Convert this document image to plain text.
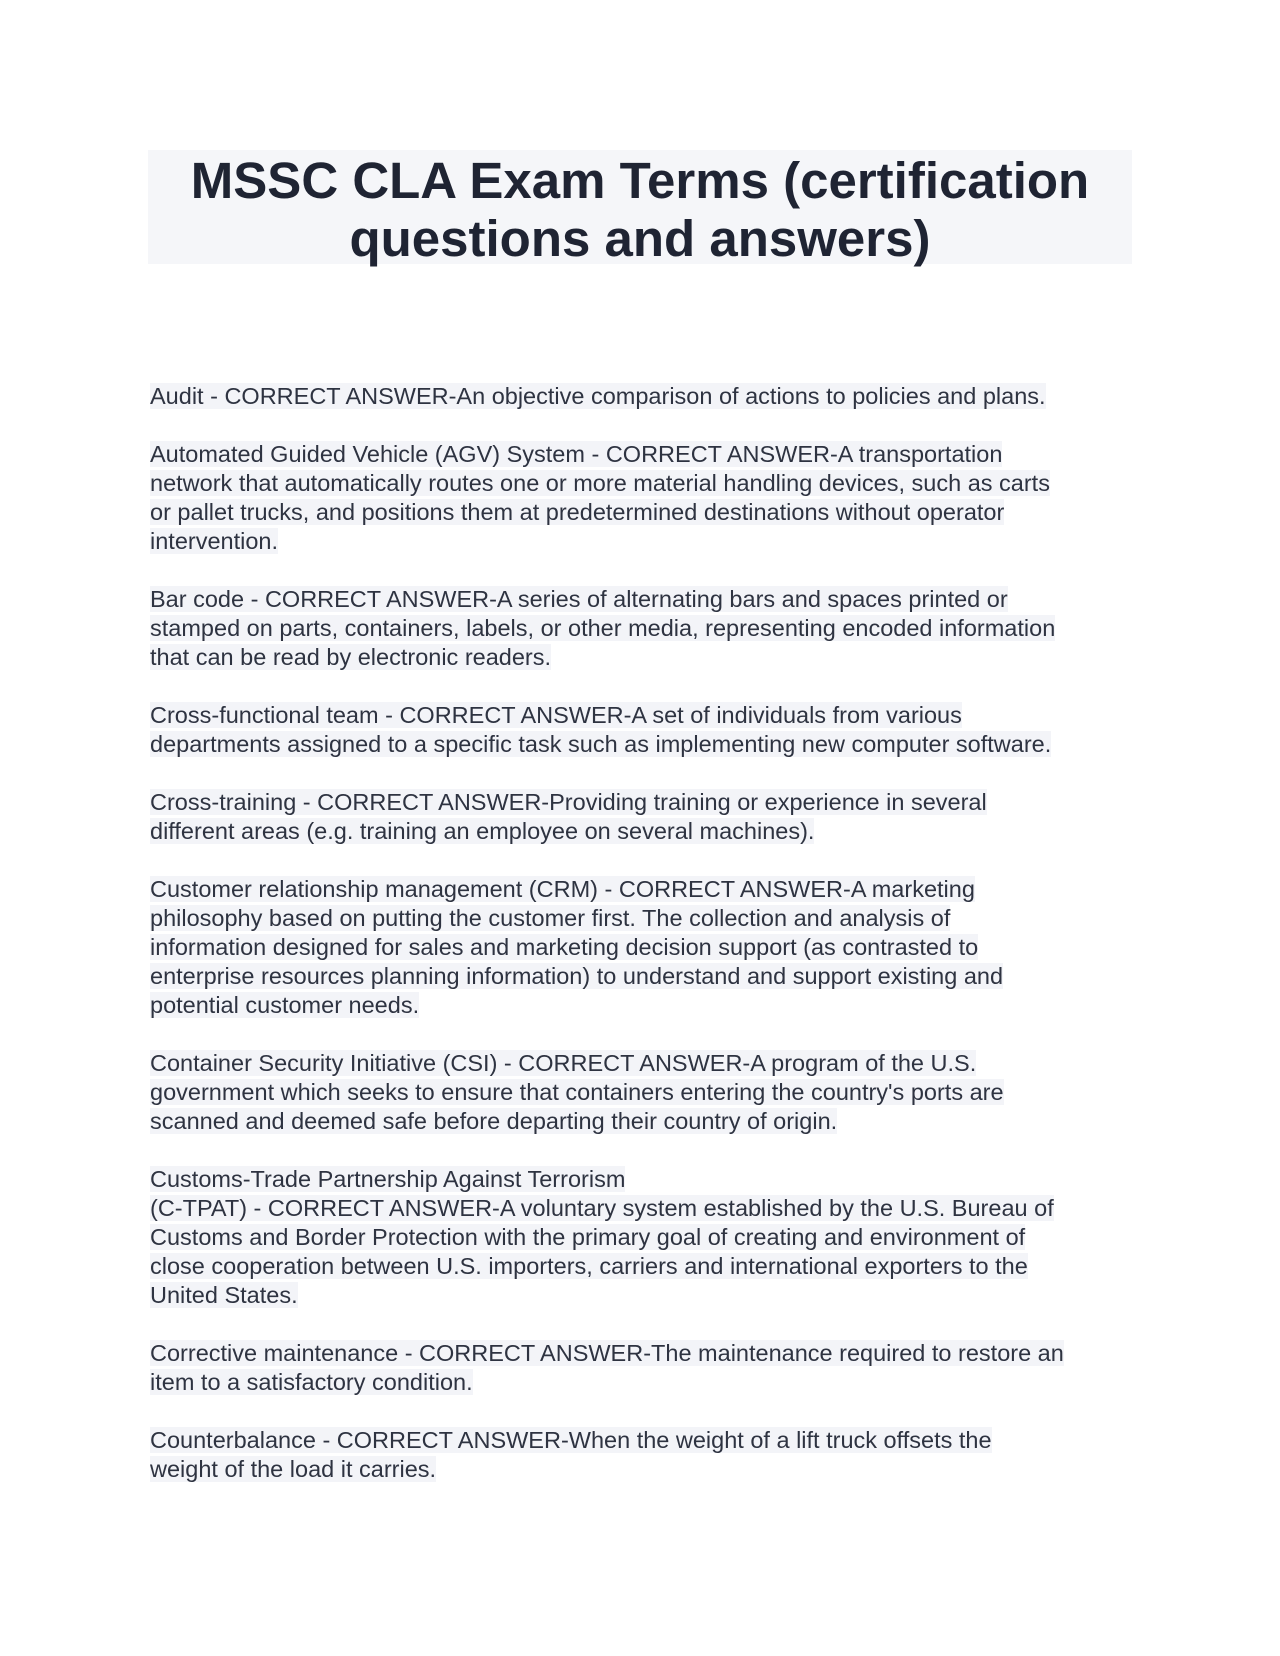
MSSC CLA Exam Terms (certification
questions and answers)
Audit - CORRECT ANSWER-An objective comparison of actions to policies and plans.
Automated Guided Vehicle (AGV) System - CORRECT ANSWER-A transportation
network that automatically routes one or more material handling devices, such as carts
or pallet trucks, and positions them at predetermined destinations without operator
intervention.
Bar code - CORRECT ANSWER-A series of alternating bars and spaces printed or
stamped on parts, containers, labels, or other media, representing encoded information
that can be read by electronic readers.
Cross-functional team - CORRECT ANSWER-A set of individuals from various
departments assigned to a specific task such as implementing new computer software.
Cross-training - CORRECT ANSWER-Providing training or experience in several
different areas (e.g. training an employee on several machines).
Customer relationship management (CRM) - CORRECT ANSWER-A marketing
philosophy based on putting the customer first. The collection and analysis of
information designed for sales and marketing decision support (as contrasted to
enterprise resources planning information) to understand and support existing and
potential customer needs.
Container Security Initiative (CSI) - CORRECT ANSWER-A program of the U.S.
government which seeks to ensure that containers entering the country's ports are
scanned and deemed safe before departing their country of origin.
Customs-Trade Partnership Against Terrorism
(C-TPAT) - CORRECT ANSWER-A voluntary system established by the U.S. Bureau of
Customs and Border Protection with the primary goal of creating and environment of
close cooperation between U.S. importers, carriers and international exporters to the
United States.
Corrective maintenance - CORRECT ANSWER-The maintenance required to restore an
item to a satisfactory condition.
Counterbalance - CORRECT ANSWER-When the weight of a lift truck offsets the
weight of the load it carries.
